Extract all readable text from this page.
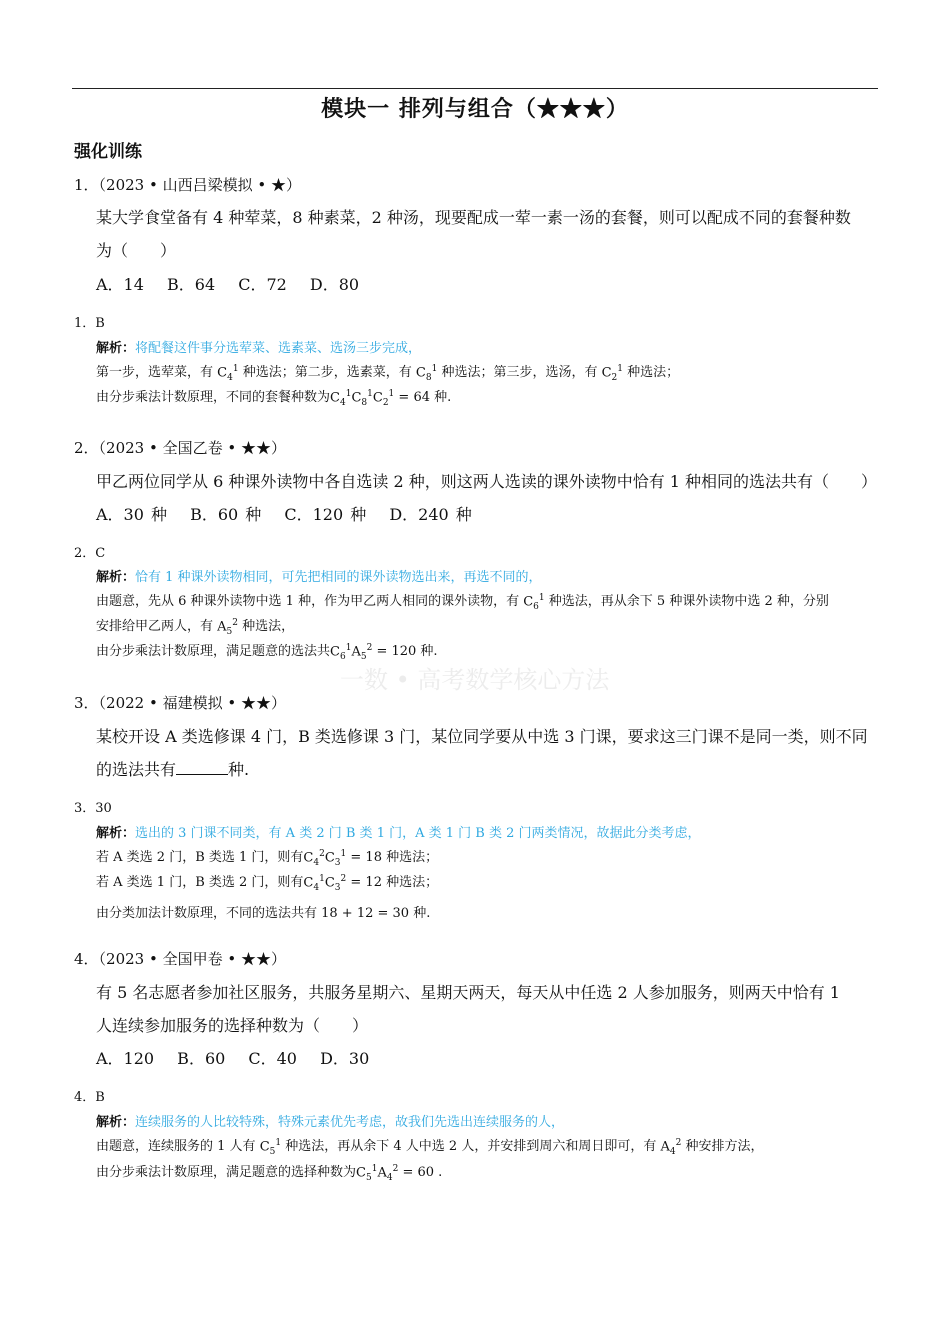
模块一 排列与组合（★★★）
强化训练
一数 • 高考数学核心方法
1．（2023 • 山西吕梁模拟 • ★）
某大学食堂备有 4 种荤菜，8 种素菜，2 种汤，现要配成一荤一素一汤的套餐，则可以配成不同的套餐种数
为（　　）
A．14　 B．64　 C．72　 D．80
1．B
解析：将配餐这件事分选荤菜、选素菜、选汤三步完成，
第一步，选荤菜，有 $C_4^1$ 种选法；第二步，选素菜，有 $C_8^1$ 种选法；第三步，选汤，有 $C_2^1$ 种选法；
由分步乘法计数原理，不同的套餐种数为$C_4^1C_8^1C_2^1 = 64$ 种.
2．（2023 • 全国乙卷 • ★★）
甲乙两位同学从 6 种课外读物中各自选读 2 种，则这两人选读的课外读物中恰有 1 种相同的选法共有（　　）
A．30 种　 B．60 种　 C．120 种　 D．240 种
2．C
解析：恰有 1 种课外读物相同，可先把相同的课外读物选出来，再选不同的，
由题意，先从 6 种课外读物中选 1 种，作为甲乙两人相同的课外读物，有 $C_6^1$ 种选法，再从余下 5 种课外读物中选 2 种，分别
安排给甲乙两人，有 $A_5^2$ 种选法，
由分步乘法计数原理，满足题意的选法共$C_6^1A_5^2 = 120$ 种.
3．（2022 • 福建模拟 • ★★）
某校开设 A 类选修课 4 门，B 类选修课 3 门，某位同学要从中选 3 门课，要求这三门课不是同一类，则不同
的选法共有	种.
3．30
解析：选出的 3 门课不同类，有 A 类 2 门 B 类 1 门，A 类 1 门 B 类 2 门两类情况，故据此分类考虑，
若 A 类选 2 门，B 类选 1 门，则有$C_4^2C_3^1 = 18$ 种选法；
若 A 类选 1 门，B 类选 2 门，则有$C_4^1C_3^2 = 12$ 种选法；
由分类加法计数原理，不同的选法共有 18 + 12 = 30 种.
4．（2023 • 全国甲卷 • ★★）
有 5 名志愿者参加社区服务，共服务星期六、星期天两天，每天从中任选 2 人参加服务，则两天中恰有 1
人连续参加服务的选择种数为（　　）
A．120　 B．60　 C．40　 D．30
4．B
解析：连续服务的人比较特殊，特殊元素优先考虑，故我们先选出连续服务的人，
由题意，连续服务的 1 人有 $C_5^1$ 种选法，再从余下 4 人中选 2 人，并安排到周六和周日即可，有 $A_4^2$ 种安排方法，
由分步乘法计数原理，满足题意的选择种数为$C_5^1A_4^2 = 60$ .
